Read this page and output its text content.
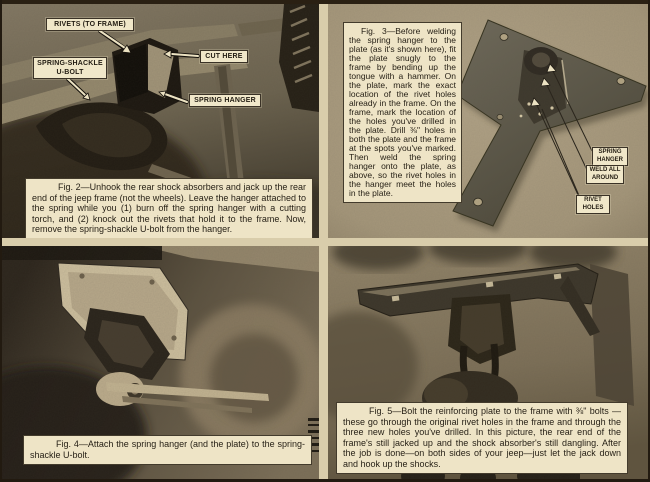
RIVETS (TO FRAME)
CUT HERE
SPRING-SHACKLE U-BOLT
SPRING HANGER
Fig. 2—Unhook the rear shock absorbers and jack up the rear end of the jeep frame (not the wheels). Leave the hanger attached to the spring while you (1) burn off the spring hanger with a cutting torch, and (2) knock out the rivets that hold it to the frame. Now, remove the spring-shackle U-bolt from the hanger.
Fig. 3—Before welding the spring hanger to the plate (as it's shown here), fit the plate snugly to the frame by bending up the tongue with a hammer. On the plate, mark the exact location of the rivet holes already in the frame. On the frame, mark the location of the holes you've drilled in the plate. Drill ⅜" holes in both the plate and the frame at the spots you've marked. Then weld the spring hanger onto the plate, as above, so the rivet holes in the hanger meet the holes in the plate.
SPRING HANGER
WELD ALL AROUND
RIVET HOLES
Fig. 4—Attach the spring hanger (and the plate) to the spring-shackle U-bolt.
Fig. 5—Bolt the reinforcing plate to the frame with ⅜" bolts —these go through the original rivet holes in the frame and through the three new holes you've drilled. In this picture, the rear end of the frame's still jacked up and the shock absorber's still dangling. After the job is done—on both sides of your jeep—just let the jack down and hook up the shocks.
